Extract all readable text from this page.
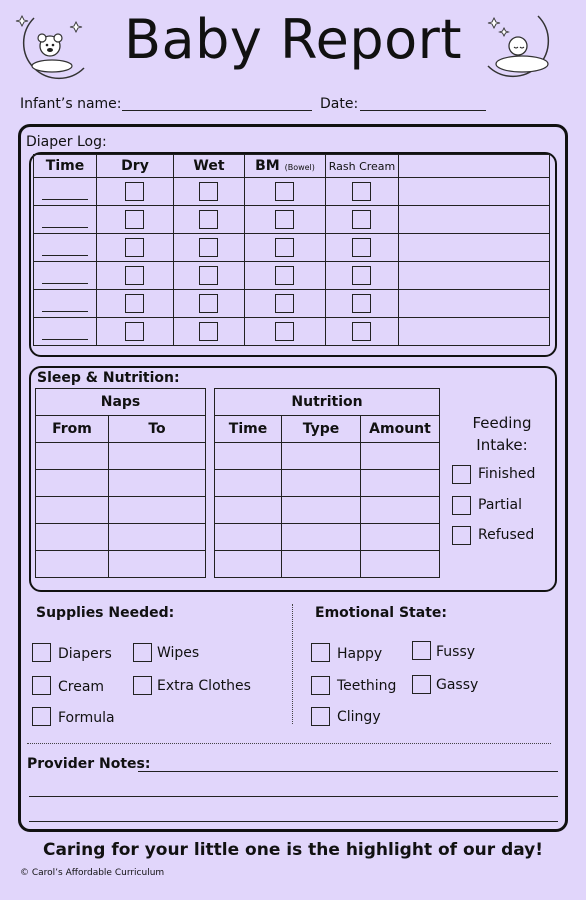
Baby Report
Infant’s name:	Date:
Diaper Log:
Time	Dry	Wet	BM (Bowel)	Rash Cream	

Sleep & Nutrition:
Naps	
From	To

Nutrition		
Time	Type	Amount

			Feeding
Intake:
Finished
Partial
Refused
Supplies Needed:
Diapers	Wipes
Cream	Extra Clothes
Formula
Emotional State:
Happy	Fussy
Teething	Gassy
Clingy
Provider Notes:
Caring for your little one is the highlight of our day!
© Carol’s Affordable Curriculum
